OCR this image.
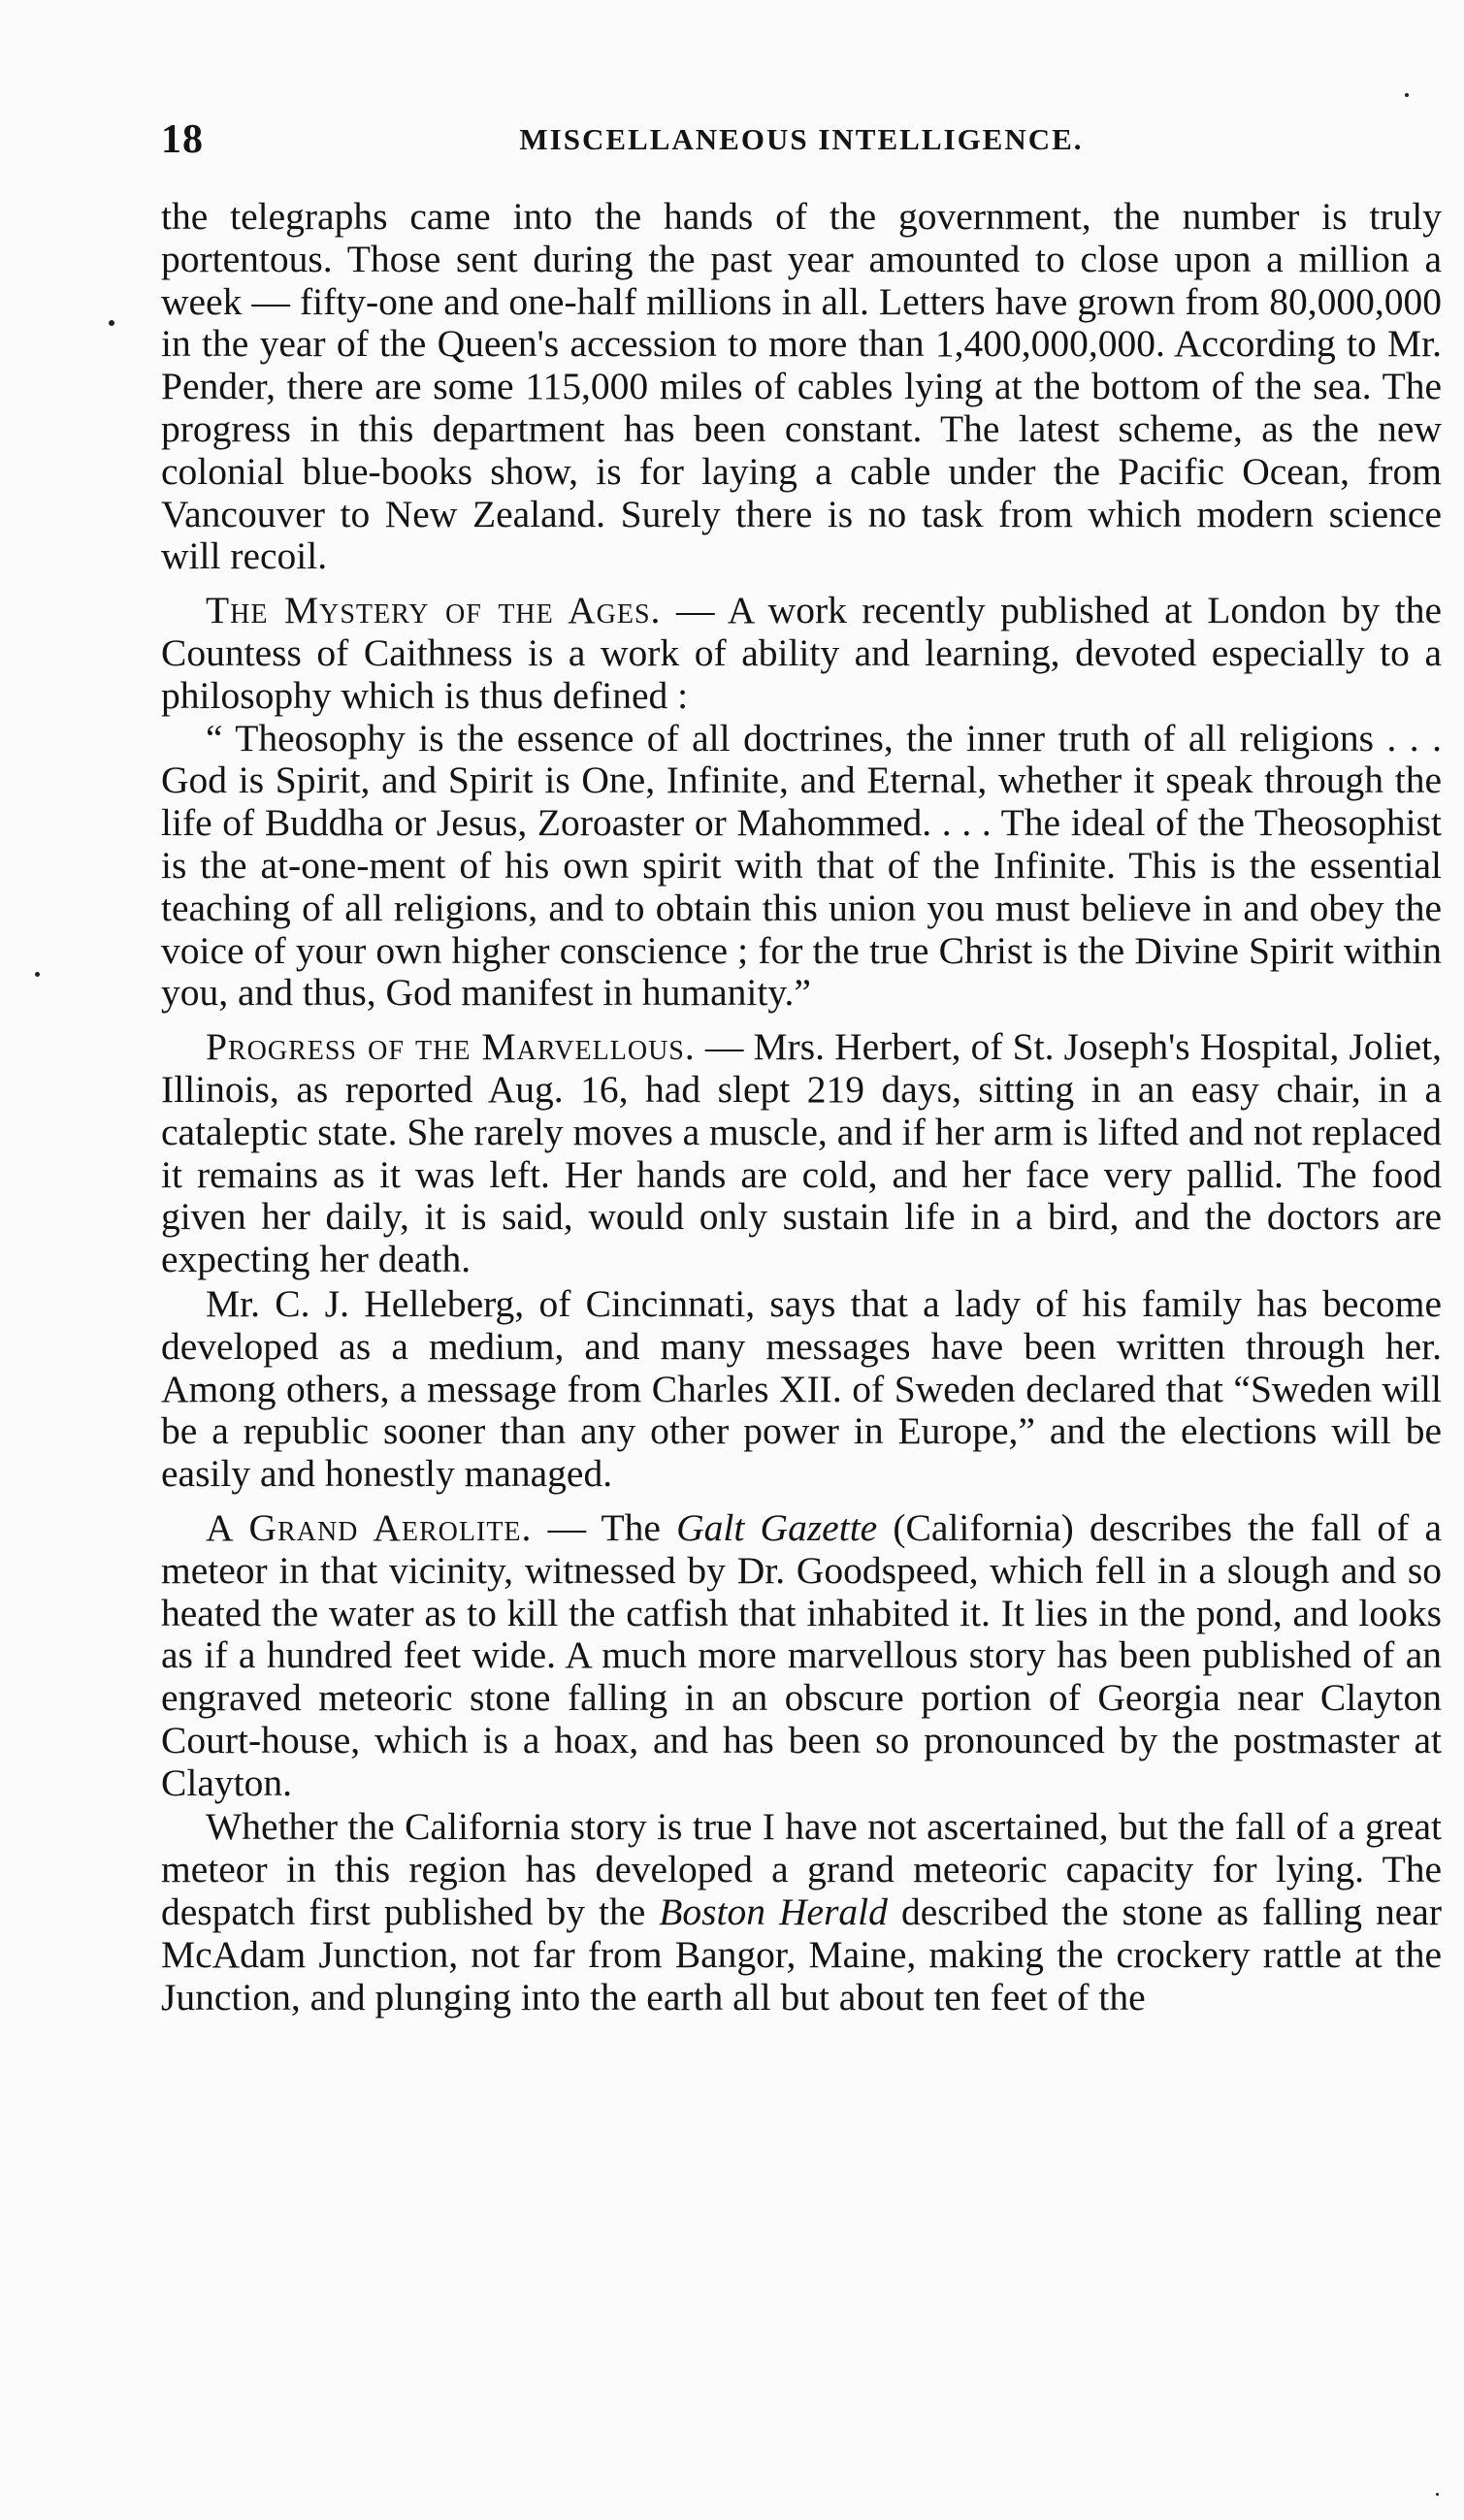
18	MISCELLANEOUS INTELLIGENCE.

the telegraphs came into the hands of the government, the number is truly portentous. Those sent during the past year amounted to close upon a million a week — fifty-one and one-half millions in all. Letters have grown from 80,000,000 in the year of the Queen's accession to more than 1,400,000,000. According to Mr. Pender, there are some 115,000 miles of cables lying at the bottom of the sea. The progress in this department has been constant. The latest scheme, as the new colonial blue-books show, is for laying a cable under the Pacific Ocean, from Vancouver to New Zealand. Surely there is no task from which modern science will recoil.

The Mystery of the Ages. — A work recently published at London by the Countess of Caithness is a work of ability and learning, devoted especially to a philosophy which is thus defined :

“ Theosophy is the essence of all doctrines, the inner truth of all religions . . . God is Spirit, and Spirit is One, Infinite, and Eternal, whether it speak through the life of Buddha or Jesus, Zoroaster or Mahommed. . . . The ideal of the Theosophist is the at-one-ment of his own spirit with that of the Infinite. This is the essential teaching of all religions, and to obtain this union you must believe in and obey the voice of your own higher conscience ; for the true Christ is the Divine Spirit within you, and thus, God manifest in humanity.”

Progress of the Marvellous. — Mrs. Herbert, of St. Joseph's Hospital, Joliet, Illinois, as reported Aug. 16, had slept 219 days, sitting in an easy chair, in a cataleptic state. She rarely moves a muscle, and if her arm is lifted and not replaced it remains as it was left. Her hands are cold, and her face very pallid. The food given her daily, it is said, would only sustain life in a bird, and the doctors are expecting her death.

Mr. C. J. Helleberg, of Cincinnati, says that a lady of his family has become developed as a medium, and many messages have been written through her. Among others, a message from Charles XII. of Sweden declared that “Sweden will be a republic sooner than any other power in Europe,” and the elections will be easily and honestly managed.

A Grand Aerolite. — The Galt Gazette (California) describes the fall of a meteor in that vicinity, witnessed by Dr. Goodspeed, which fell in a slough and so heated the water as to kill the catfish that inhabited it. It lies in the pond, and looks as if a hundred feet wide. A much more marvellous story has been published of an engraved meteoric stone falling in an obscure portion of Georgia near Clayton Court-house, which is a hoax, and has been so pronounced by the postmaster at Clayton.

Whether the California story is true I have not ascertained, but the fall of a great meteor in this region has developed a grand meteoric capacity for lying. The despatch first published by the Boston Herald described the stone as falling near McAdam Junction, not far from Bangor, Maine, making the crockery rattle at the Junction, and plunging into the earth all but about ten feet of the
